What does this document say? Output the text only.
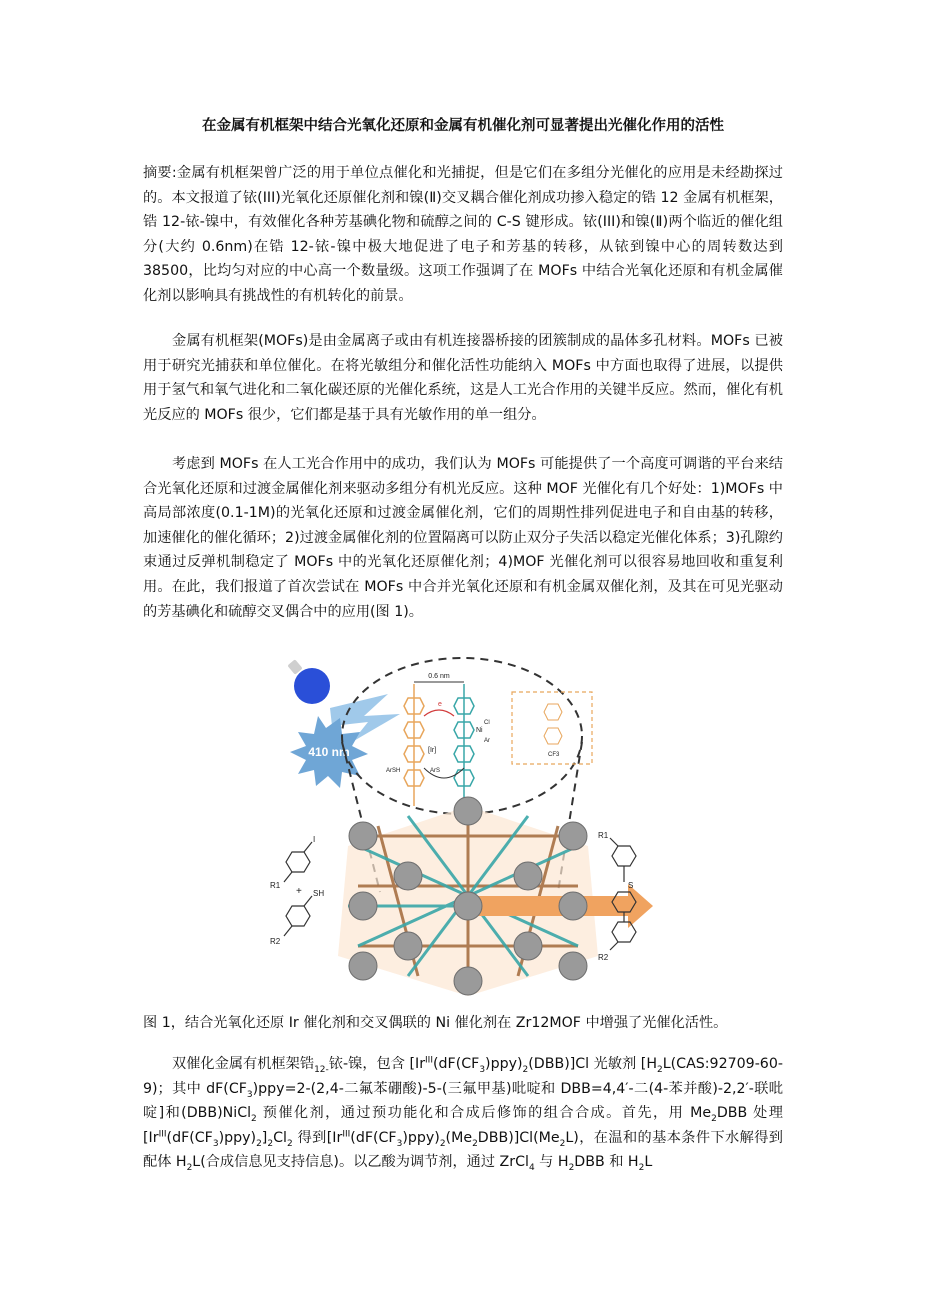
在金属有机框架中结合光氧化还原和金属有机催化剂可显著提出光催化作用的活性

摘要:金属有机框架曾广泛的用于单位点催化和光捕捉，但是它们在多组分光催化的应用是未经勘探过的。本文报道了铱(III)光氧化还原催化剂和镍(Ⅱ)交叉耦合催化剂成功掺入稳定的锆 12 金属有机框架，锆 12-铱-镍中，有效催化各种芳基碘化物和硫醇之间的 C-S 键形成。铱(III)和镍(Ⅱ)两个临近的催化组分(大约 0.6nm)在锆 12-铱-镍中极大地促进了电子和芳基的转移，从铱到镍中心的周转数达到 38500，比均匀对应的中心高一个数量级。这项工作强调了在 MOFs 中结合光氧化还原和有机金属催化剂以影响具有挑战性的有机转化的前景。

金属有机框架(MOFs)是由金属离子或由有机连接器桥接的团簇制成的晶体多孔材料。MOFs 已被用于研究光捕获和单位催化。在将光敏组分和催化活性功能纳入 MOFs 中方面也取得了进展，以提供用于氢气和氧气进化和二氧化碳还原的光催化系统，这是人工光合作用的关键半反应。然而，催化有机光反应的 MOFs 很少，它们都是基于具有光敏作用的单一组分。

考虑到 MOFs 在人工光合作用中的成功，我们认为 MOFs 可能提供了一个高度可调谐的平台来结合光氧化还原和过渡金属催化剂来驱动多组分有机光反应。这种 MOF 光催化有几个好处：1)MOFs 中高局部浓度(0.1-1M)的光氧化还原和过渡金属催化剂，它们的周期性排列促进电子和自由基的转移，加速催化的催化循环；2)过渡金属催化剂的位置隔离可以防止双分子失活以稳定光催化体系；3)孔隙约束通过反弹机制稳定了 MOFs 中的光氧化还原催化剂；4)MOF 光催化剂可以很容易地回收和重复利用。在此，我们报道了首次尝试在 MOFs 中合并光氧化还原和有机金属双催化剂，及其在可见光驱动的芳基碘化和硫醇交叉偶合中的应用(图 1)。

410 nm
0.6 nm
[Ir]
Ni
Cl
Ar
e
ArSH	ArS
CF3
I
R1
+ SH
R2
R1
S
R2
图 1，结合光氧化还原 Ir 催化剂和交叉偶联的 Ni 催化剂在 Zr12MOF 中增强了光催化活性。

双催化金属有机框架锆$_{12-}$铱-镍，包含 $[Ir^{III}(dF(CF_3)ppy)_2(DBB)]Cl$ 光敏剂 [$H_2L(CAS:92709-60-9)$；其中 $dF(CF_3)ppy=2-(2,4-$二氟苯硼酸)-5-(三氟甲基)吡啶和 DBB=4,4′-二(4-苯并酸)-2,2′-联吡啶]和(DBB)NiCl$_2$ 预催化剂，通过预功能化和合成后修饰的组合合成。首先，用 $Me_2DBB$ 处理$[Ir^{III}(dF(CF_3)ppy)_2]_2Cl_2$ 得到$[Ir^{III}(dF(CF_3)ppy)_2(Me_2DBB)]Cl(Me_2L)$，在温和的基本条件下水解得到配体 $H_2L$(合成信息见支持信息)。以乙酸为调节剂，通过 ZrCl$_4$ 与 $H_2DBB$ 和 $H_2L$
